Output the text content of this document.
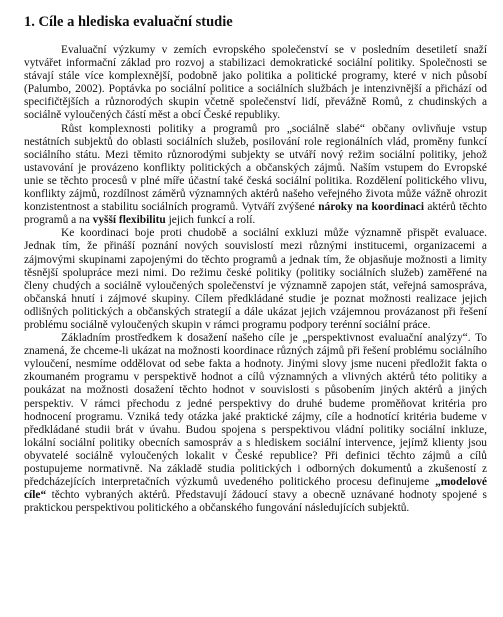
1. Cíle a hlediska evaluační studie

Evaluační výzkumy v zemích evropského společenství se v posledním desetiletí snaží vytvářet informační základ pro rozvoj a stabilizaci demokratické sociální politiky. Společnosti se stávají stále více komplexnější, podobně jako politika a politické programy, které v nich působí (Palumbo, 2002). Poptávka po sociální politice a sociálních službách je intenzivnější a přichází od specifičtějších a různorodých skupin včetně společenství lidí, převážně Romů, z chudinských a sociálně vyloučených částí měst a obcí České republiky.

Růst komplexnosti politiky a programů pro „sociálně slabé“ občany ovlivňuje vstup nestátních subjektů do oblasti sociálních služeb, posilování role regionálních vlád, proměny funkcí sociálního státu. Mezi těmito různorodými subjekty se utváří nový režim sociální politiky, jehož ustavování je provázeno konflikty politických a občanských zájmů. Naším vstupem do Evropské unie se těchto procesů v plné míře účastní také česká sociální politika. Rozdělení politického vlivu, konflikty zájmů, rozdílnost záměrů významných aktérů našeho veřejného života může vážně ohrozit konzistentnost a stabilitu sociálních programů. Vytváří zvýšené nároky na koordinaci aktérů těchto programů a na vyšší flexibilitu jejich funkcí a rolí.

Ke koordinaci boje proti chudobě a sociální exkluzi může významně přispět evaluace. Jednak tím, že přináší poznání nových souvislostí mezi různými institucemi, organizacemi a zájmovými skupinami zapojenými do těchto programů a jednak tím, že objasňuje možnosti a limity těsnější spolupráce mezi nimi. Do režimu české politiky (politiky sociálních služeb) zaměřené na členy chudých a sociálně vyloučených společenství je významně zapojen stát, veřejná samospráva, občanská hnutí i zájmové skupiny. Cílem předkládané studie je poznat možnosti realizace jejich odlišných politických a občanských strategií a dále ukázat jejich vzájemnou provázanost při řešení problému sociálně vyloučených skupin v rámci programu podpory terénní sociální práce.

Základním prostředkem k dosažení našeho cíle je „perspektivnost evaluační analýzy“. To znamená, že chceme-li ukázat na možnosti koordinace různých zájmů při řešení problému sociálního vyloučení, nesmíme oddělovat od sebe fakta a hodnoty. Jinými slovy jsme nuceni předložit fakta o zkoumaném programu v perspektivě hodnot a cílů významných a vlivných aktérů této politiky a poukázat na možnosti dosažení těchto hodnot v souvislosti s působením jiných aktérů a jiných perspektiv. V rámci přechodu z jedné perspektivy do druhé budeme proměňovat kritéria pro hodnocení programu. Vzniká tedy otázka jaké praktické zájmy, cíle a hodnotící kritéria budeme v předkládané studii brát v úvahu. Budou spojena s perspektivou vládní politiky sociální inkluze, lokální sociální politiky obecních samospráv a s hlediskem sociální intervence, jejímž klienty jsou obyvatelé sociálně vyloučených lokalit v České republice? Při definici těchto zájmů a cílů postupujeme normativně. Na základě studia politických i odborných dokumentů a zkušeností z předcházejících interpretačních výzkumů uvedeného politického procesu definujeme „modelové cíle“ těchto vybraných aktérů. Představují žádoucí stavy a obecně uznávané hodnoty spojené s praktickou perspektivou politického a občanského fungování následujících subjektů.
